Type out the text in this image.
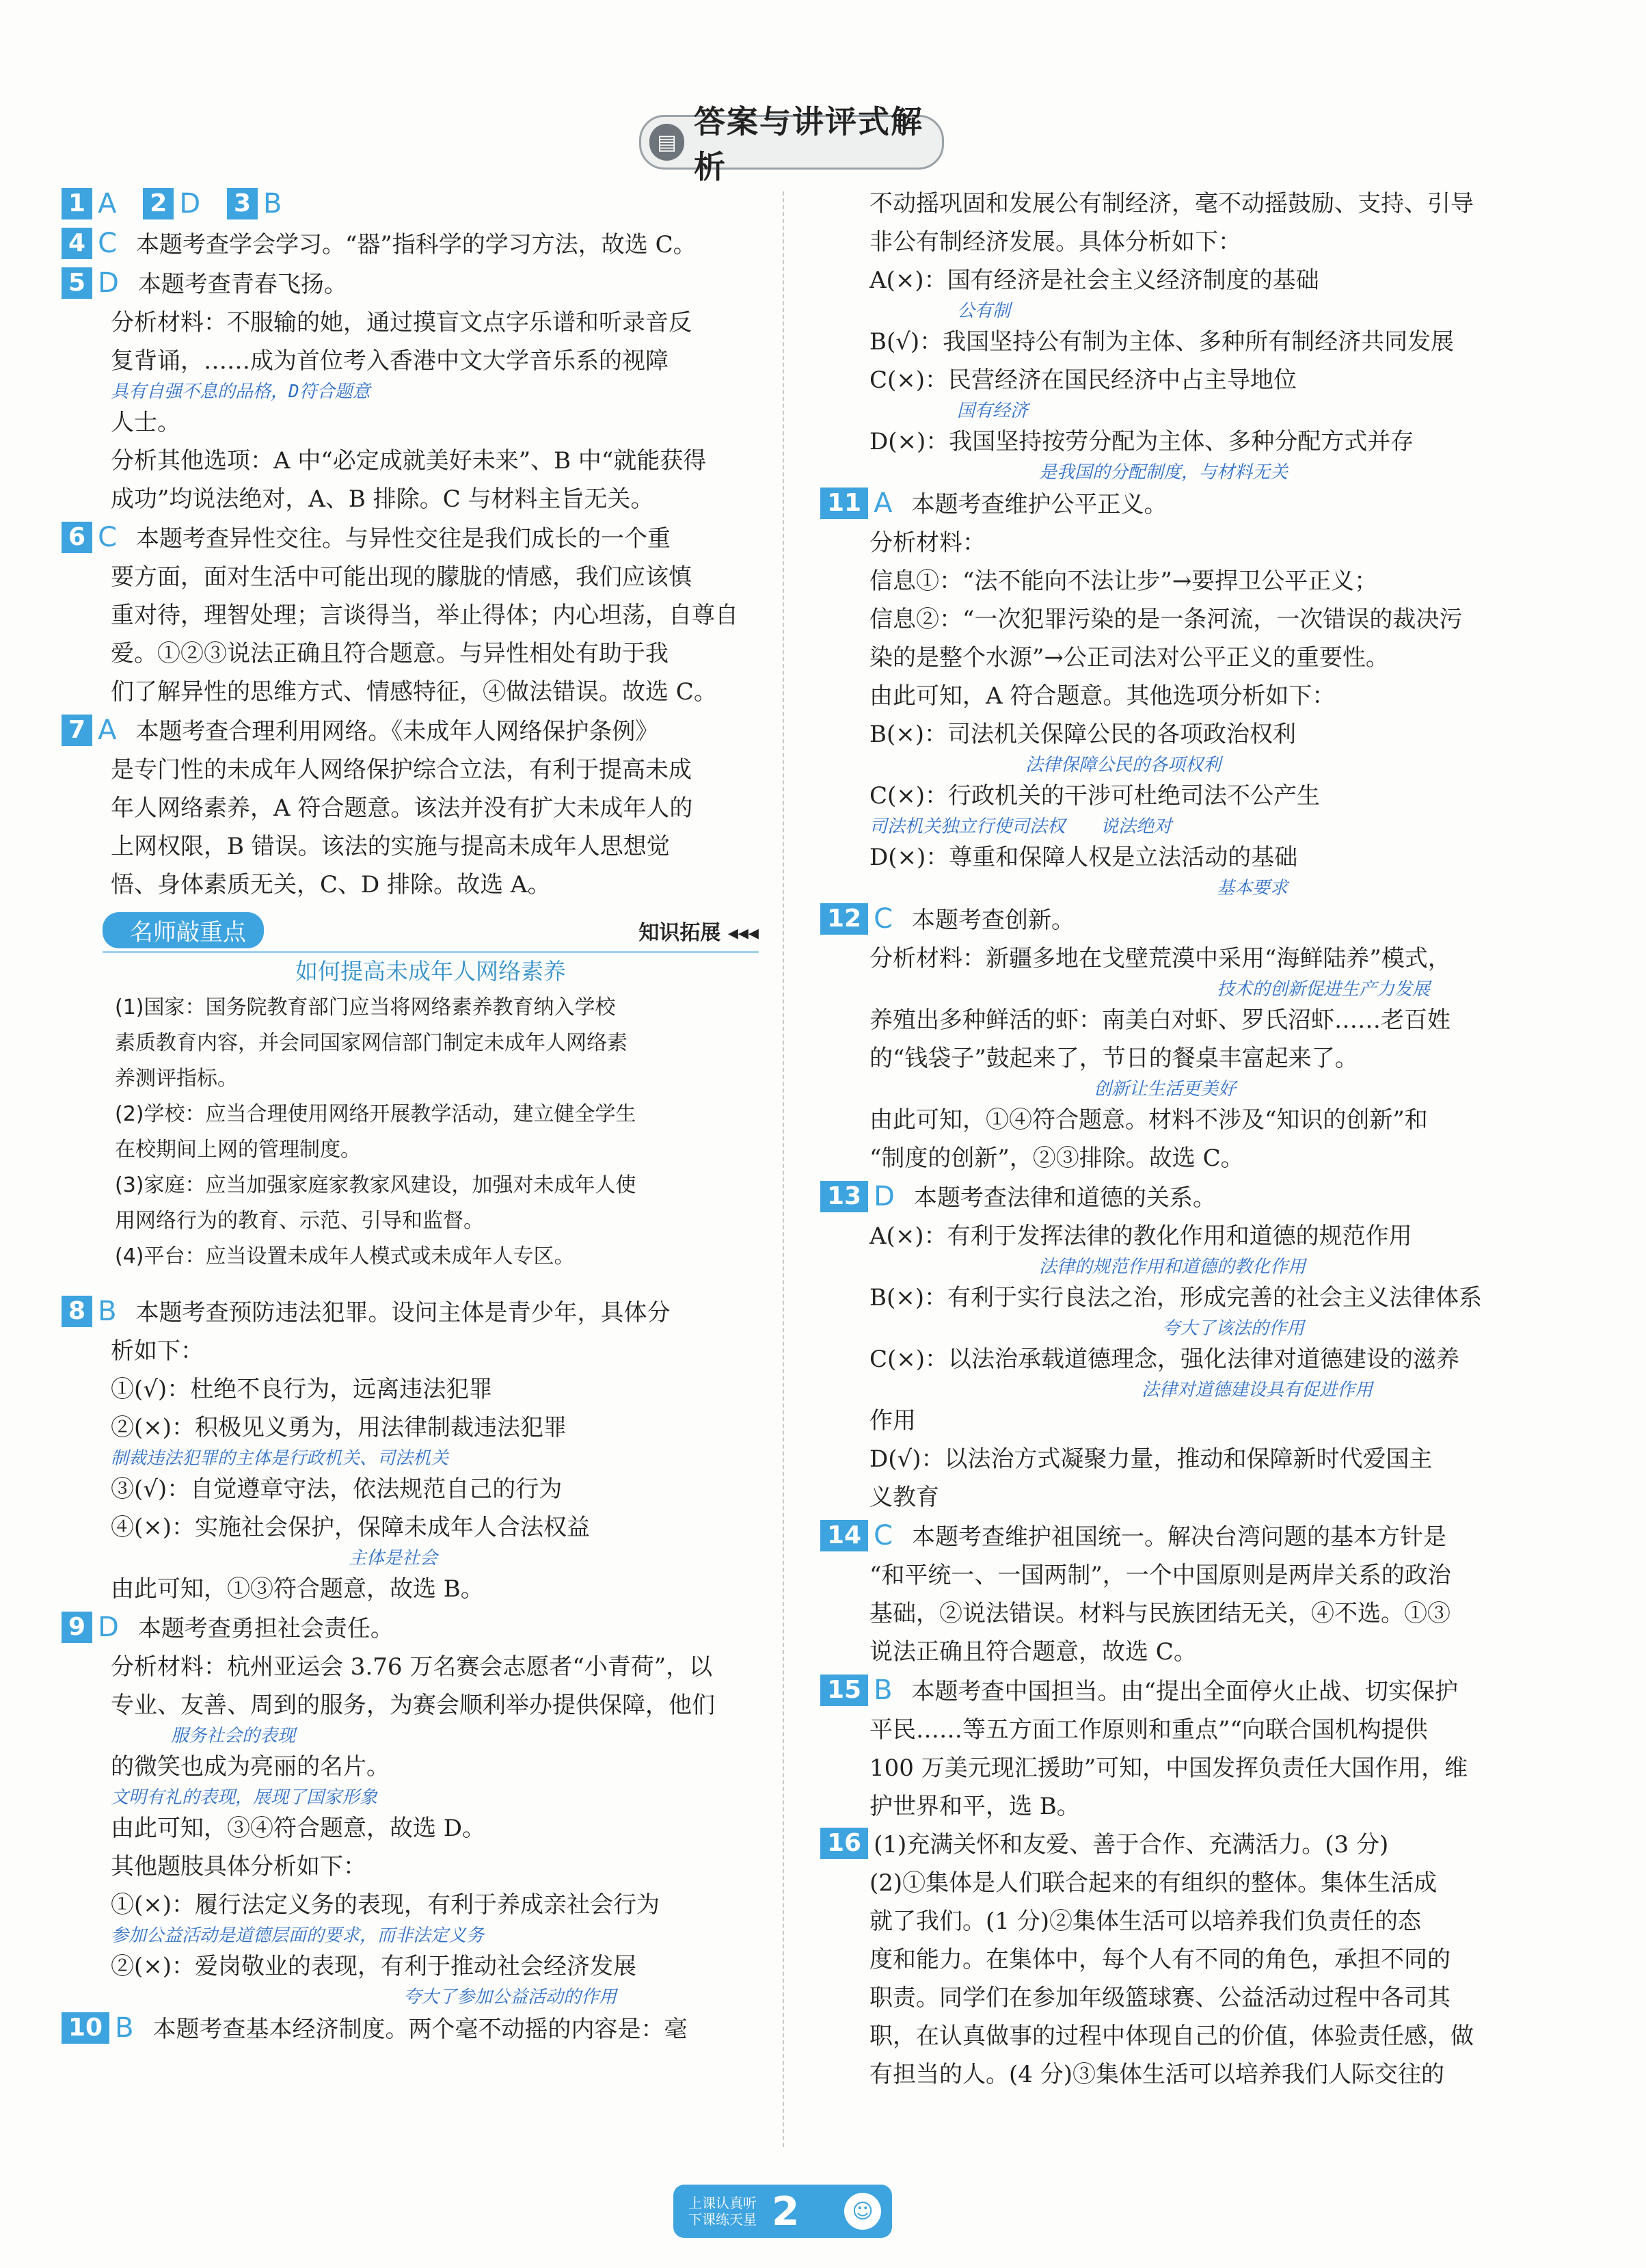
▤
答案与讲评式解析
1 A 2 D 3 B
4 C 本题考查学会学习。“器”指科学的学习方法，故选 C。
5 D 本题考查青春飞扬。
分析材料：不服输的她，通过摸盲文点字乐谱和听录音反
复背诵，……成为首位考入香港中文大学音乐系的视障
具有自强不息的品格，D符合题意
人士。
分析其他选项：A 中“必定成就美好未来”、B 中“就能获得
成功”均说法绝对，A、B 排除。C 与材料主旨无关。
6 C 本题考查异性交往。与异性交往是我们成长的一个重
要方面，面对生活中可能出现的朦胧的情感，我们应该慎
重对待，理智处理；言谈得当，举止得体；内心坦荡，自尊自
爱。①②③说法正确且符合题意。与异性相处有助于我
们了解异性的思维方式、情感特征，④做法错误。故选 C。
7 A 本题考查合理利用网络。《未成年人网络保护条例》
是专门性的未成年人网络保护综合立法，有利于提高未成
年人网络素养，A 符合题意。该法并没有扩大未成年人的
上网权限，B 错误。该法的实施与提高未成年人思想觉
悟、身体素质无关，C、D 排除。故选 A。
名师敲重点	知识拓展 ◂◂◂
如何提高未成年人网络素养
(1)国家：国务院教育部门应当将网络素养教育纳入学校
素质教育内容，并会同国家网信部门制定未成年人网络素
养测评指标。
(2)学校：应当合理使用网络开展教学活动，建立健全学生
在校期间上网的管理制度。
(3)家庭：应当加强家庭家教家风建设，加强对未成年人使
用网络行为的教育、示范、引导和监督。
(4)平台：应当设置未成年人模式或未成年人专区。
8 B 本题考查预防违法犯罪。设问主体是青少年，具体分
析如下：
①(√)：杜绝不良行为，远离违法犯罪
②(×)：积极见义勇为，用法律制裁违法犯罪
制裁违法犯罪的主体是行政机关、司法机关
③(√)：自觉遵章守法，依法规范自己的行为
④(×)：实施社会保护，保障未成年人合法权益
主体是社会
由此可知，①③符合题意，故选 B。
9 D 本题考查勇担社会责任。
分析材料：杭州亚运会 3.76 万名赛会志愿者“小青荷”，以
专业、友善、周到的服务，为赛会顺利举办提供保障，他们
服务社会的表现
的微笑也成为亮丽的名片。
文明有礼的表现，展现了国家形象
由此可知，③④符合题意，故选 D。
其他题肢具体分析如下：
①(×)：履行法定义务的表现，有利于养成亲社会行为
参加公益活动是道德层面的要求，而非法定义务
②(×)：爱岗敬业的表现，有利于推动社会经济发展
夸大了参加公益活动的作用
10 B 本题考查基本经济制度。两个毫不动摇的内容是：毫
不动摇巩固和发展公有制经济，毫不动摇鼓励、支持、引导
非公有制经济发展。具体分析如下：
A(×)：国有经济是社会主义经济制度的基础
公有制
B(√)：我国坚持公有制为主体、多种所有制经济共同发展
C(×)：民营经济在国民经济中占主导地位
国有经济
D(×)：我国坚持按劳分配为主体、多种分配方式并存
是我国的分配制度，与材料无关
11 A 本题考查维护公平正义。
分析材料：
信息①：“法不能向不法让步”→要捍卫公平正义；
信息②：“一次犯罪污染的是一条河流，一次错误的裁决污
染的是整个水源”→公正司法对公平正义的重要性。
由此可知，A 符合题意。其他选项分析如下：
B(×)：司法机关保障公民的各项政治权利
法律保障公民的各项权利
C(×)：行政机关的干涉可杜绝司法不公产生
司法机关独立行使司法权　　说法绝对
D(×)：尊重和保障人权是立法活动的基础
基本要求
12 C 本题考查创新。
分析材料：新疆多地在戈壁荒漠中采用“海鲜陆养”模式，
技术的创新促进生产力发展
养殖出多种鲜活的虾：南美白对虾、罗氏沼虾……老百姓
的“钱袋子”鼓起来了，节日的餐桌丰富起来了。
创新让生活更美好
由此可知，①④符合题意。材料不涉及“知识的创新”和
“制度的创新”，②③排除。故选 C。
13 D 本题考查法律和道德的关系。
A(×)：有利于发挥法律的教化作用和道德的规范作用
法律的规范作用和道德的教化作用
B(×)：有利于实行良法之治，形成完善的社会主义法律体系
夸大了该法的作用
C(×)：以法治承载道德理念，强化法律对道德建设的滋养
法律对道德建设具有促进作用
作用
D(√)：以法治方式凝聚力量，推动和保障新时代爱国主
义教育
14 C 本题考查维护祖国统一。解决台湾问题的基本方针是
“和平统一、一国两制”，一个中国原则是两岸关系的政治
基础，②说法错误。材料与民族团结无关，④不选。①③
说法正确且符合题意，故选 C。
15 B 本题考查中国担当。由“提出全面停火止战、切实保护
平民……等五方面工作原则和重点”“向联合国机构提供
100 万美元现汇援助”可知，中国发挥负责任大国作用，维
护世界和平，选 B。
16 (1)充满关怀和友爱、善于合作、充满活力。(3 分)
(2)①集体是人们联合起来的有组织的整体。集体生活成
就了我们。(1 分)②集体生活可以培养我们负责任的态
度和能力。在集体中，每个人有不同的角色，承担不同的
职责。同学们在参加年级篮球赛、公益活动过程中各司其
职，在认真做事的过程中体现自己的价值，体验责任感，做
有担当的人。(4 分)③集体生活可以培养我们人际交往的
上课认真听
下课练天星 2	☺
